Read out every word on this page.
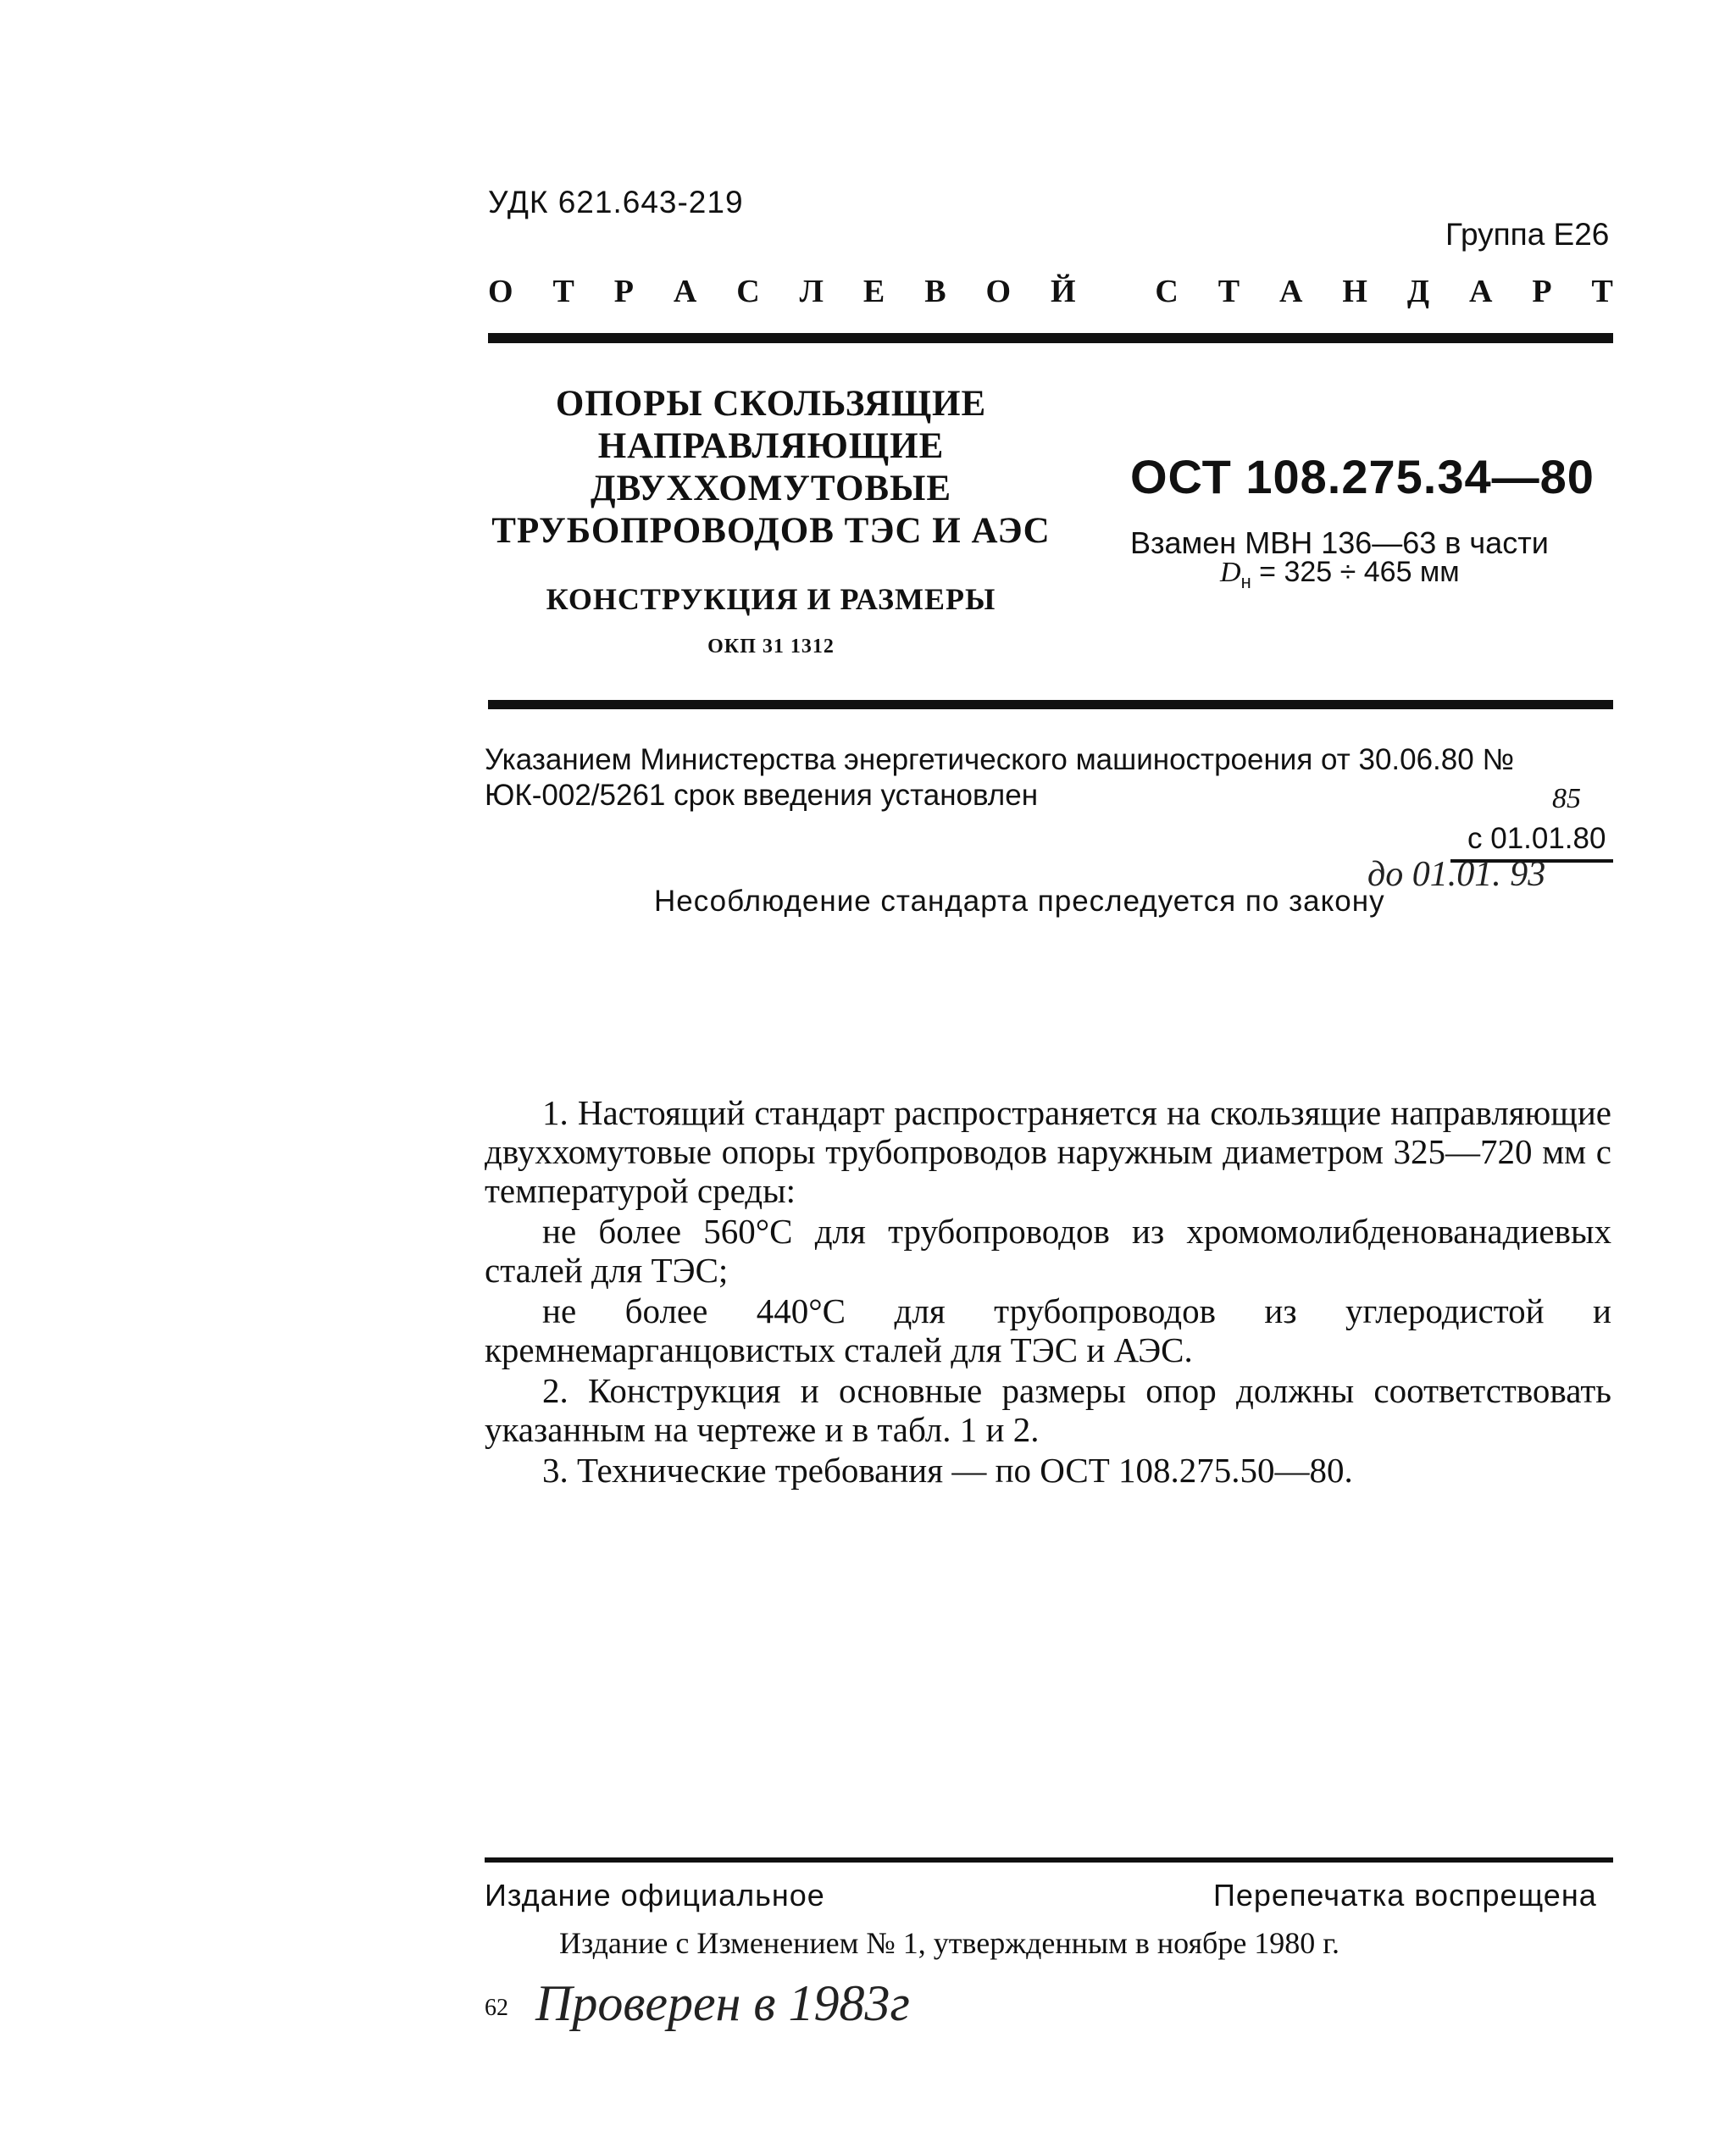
УДК 621.643-219
Группа Е26
О Т Р А С Л Е В О Й С Т А Н Д А Р Т
ОПОРЫ СКОЛЬЗЯЩИЕ
НАПРАВЛЯЮЩИЕ
ДВУХХОМУТОВЫЕ
ТРУБОПРОВОДОВ ТЭС И АЭС
КОНСТРУКЦИЯ И РАЗМЕРЫ
ОКП 31 1312
ОСТ 108.275.34—80
Взамен МВН 136—63 в части
$D_н = 325 \div 465$ мм
Указанием Министерства энергетического машиностроения от 30.06.80 № ЮК-002/5261 срок введения установлен	85
с 01.01.80
до 01.01. 93
Несоблюдение стандарта преследуется по закону

1. Настоящий стандарт распространяется на скользящие направляющие двуххомутовые опоры трубопроводов наружным диаметром 325—720 мм с температурой среды:

не более 560°С для трубопроводов из хромомолибденованадиевых сталей для ТЭС;

не более 440°С для трубопроводов из углеродистой и кремнемарганцовистых сталей для ТЭС и АЭС.

2. Конструкция и основные размеры опор должны соответствовать указанным на чертеже и в табл. 1 и 2.

3. Технические требования — по ОСТ 108.275.50—80.

Издание официальное	Перепечатка воспрещена
Издание с Изменением № 1, утвержденным в ноябре 1980 г.
62 Проверен в 1983г
